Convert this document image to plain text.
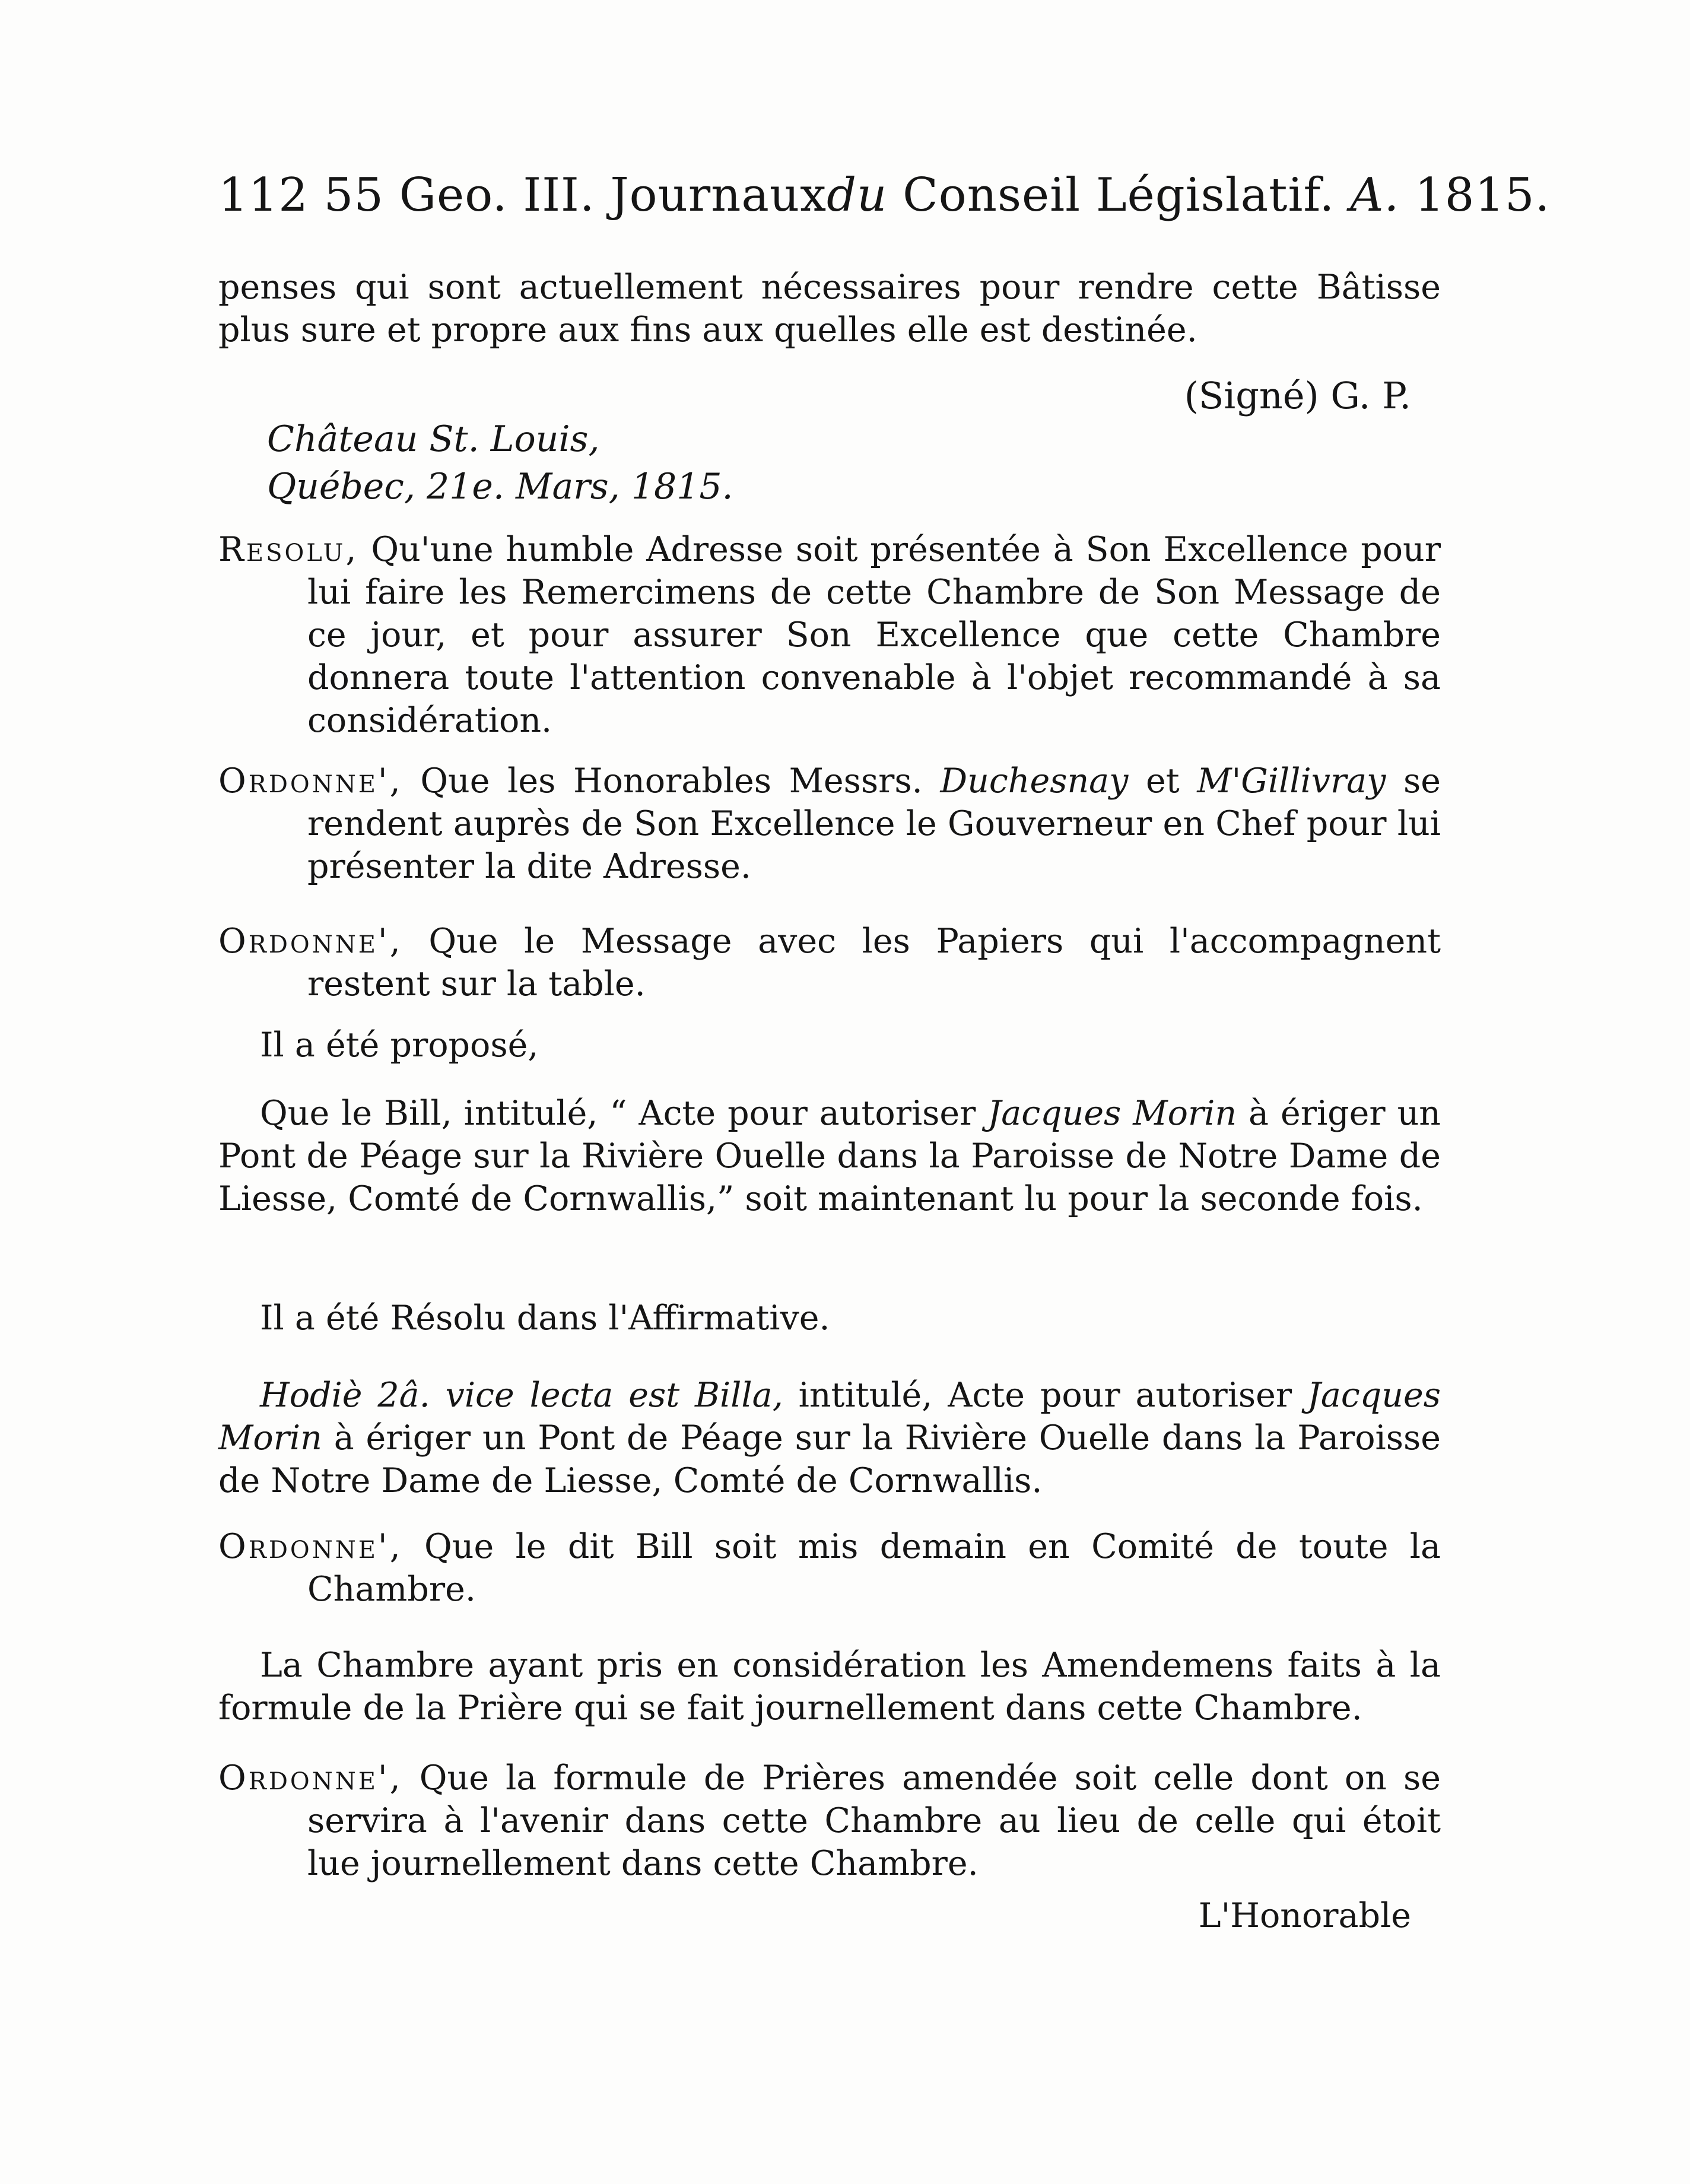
112 55 Geo. III. Journauxdu Conseil Législatif. A. 1815.
penses qui sont actuellement nécessaires pour rendre cette Bâtisse plus sure et propre aux fins aux quelles elle est destinée.
(Signé) G. P.
Château St. Louis,
Québec, 21e. Mars, 1815.
Resolu, Qu'une humble Adresse soit présentée à Son Excellence pour lui faire les Remercimens de cette Chambre de Son Message de ce jour, et pour assurer Son Excellence que cette Chambre donnera toute l'attention convenable à l'objet recommandé à sa considération.
Ordonne', Que les Honorables Messrs. Duchesnay et M'Gillivray se rendent auprès de Son Excellence le Gouverneur en Chef pour lui présenter la dite Adresse.
Ordonne', Que le Message avec les Papiers qui l'accompagnent restent sur la table.
Il a été proposé,
Que le Bill, intitulé, “ Acte pour autoriser Jacques Morin à ériger un Pont de Péage sur la Rivière Ouelle dans la Paroisse de Notre Dame de Liesse, Comté de Cornwallis,” soit maintenant lu pour la seconde fois.
Il a été Résolu dans l'Affirmative.
Hodiè 2â. vice lecta est Billa, intitulé, Acte pour autoriser Jacques Morin à ériger un Pont de Péage sur la Rivière Ouelle dans la Paroisse de Notre Dame de Liesse, Comté de Cornwallis.
Ordonne', Que le dit Bill soit mis demain en Comité de toute la Chambre.
La Chambre ayant pris en considération les Amendemens faits à la formule de la Prière qui se fait journellement dans cette Chambre.
Ordonne', Que la formule de Prières amendée soit celle dont on se servira à l'avenir dans cette Chambre au lieu de celle qui étoit lue journellement dans cette Chambre.
L'Honorable
